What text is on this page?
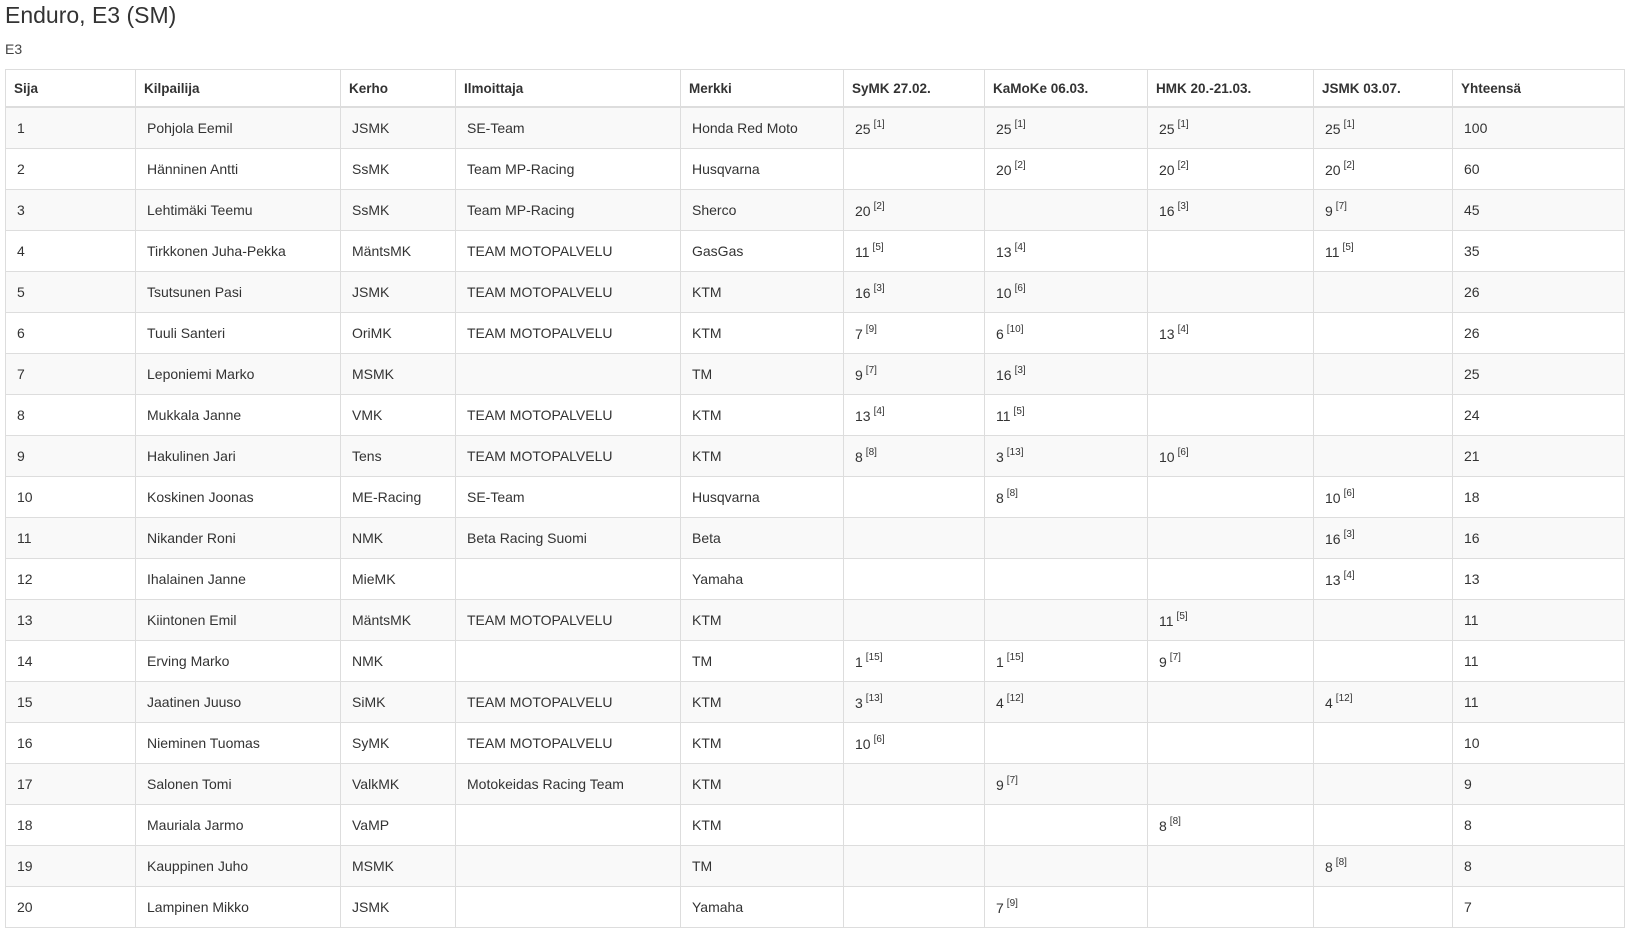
Enduro, E3 (SM)
E3
Sija	Kilpailija	Kerho	Ilmoittaja	Merkki	SyMK 27.02.	KaMoKe 06.03.	HMK 20.-21.03.	JSMK 03.07.	Yhteensä
1	Pohjola Eemil	JSMK	SE-Team	Honda Red Moto	25 [1]	25 [1]	25 [1]	25 [1]	100
2	Hänninen Antti	SsMK	Team MP-Racing	Husqvarna		20 [2]	20 [2]	20 [2]	60
3	Lehtimäki Teemu	SsMK	Team MP-Racing	Sherco	20 [2]		16 [3]	9 [7]	45
4	Tirkkonen Juha-Pekka	MäntsMK	TEAM MOTOPALVELU	GasGas	11 [5]	13 [4]		11 [5]	35
5	Tsutsunen Pasi	JSMK	TEAM MOTOPALVELU	KTM	16 [3]	10 [6]			26
6	Tuuli Santeri	OriMK	TEAM MOTOPALVELU	KTM	7 [9]	6 [10]	13 [4]		26
7	Leponiemi Marko	MSMK		TM	9 [7]	16 [3]			25
8	Mukkala Janne	VMK	TEAM MOTOPALVELU	KTM	13 [4]	11 [5]			24
9	Hakulinen Jari	Tens	TEAM MOTOPALVELU	KTM	8 [8]	3 [13]	10 [6]		21
10	Koskinen Joonas	ME-Racing	SE-Team	Husqvarna		8 [8]		10 [6]	18
11	Nikander Roni	NMK	Beta Racing Suomi	Beta				16 [3]	16
12	Ihalainen Janne	MieMK		Yamaha				13 [4]	13
13	Kiintonen Emil	MäntsMK	TEAM MOTOPALVELU	KTM			11 [5]		11
14	Erving Marko	NMK		TM	1 [15]	1 [15]	9 [7]		11
15	Jaatinen Juuso	SiMK	TEAM MOTOPALVELU	KTM	3 [13]	4 [12]		4 [12]	11
16	Nieminen Tuomas	SyMK	TEAM MOTOPALVELU	KTM	10 [6]				10
17	Salonen Tomi	ValkMK	Motokeidas Racing Team	KTM		9 [7]			9
18	Mauriala Jarmo	VaMP		KTM			8 [8]		8
19	Kauppinen Juho	MSMK		TM				8 [8]	8
20	Lampinen Mikko	JSMK		Yamaha		7 [9]			7
